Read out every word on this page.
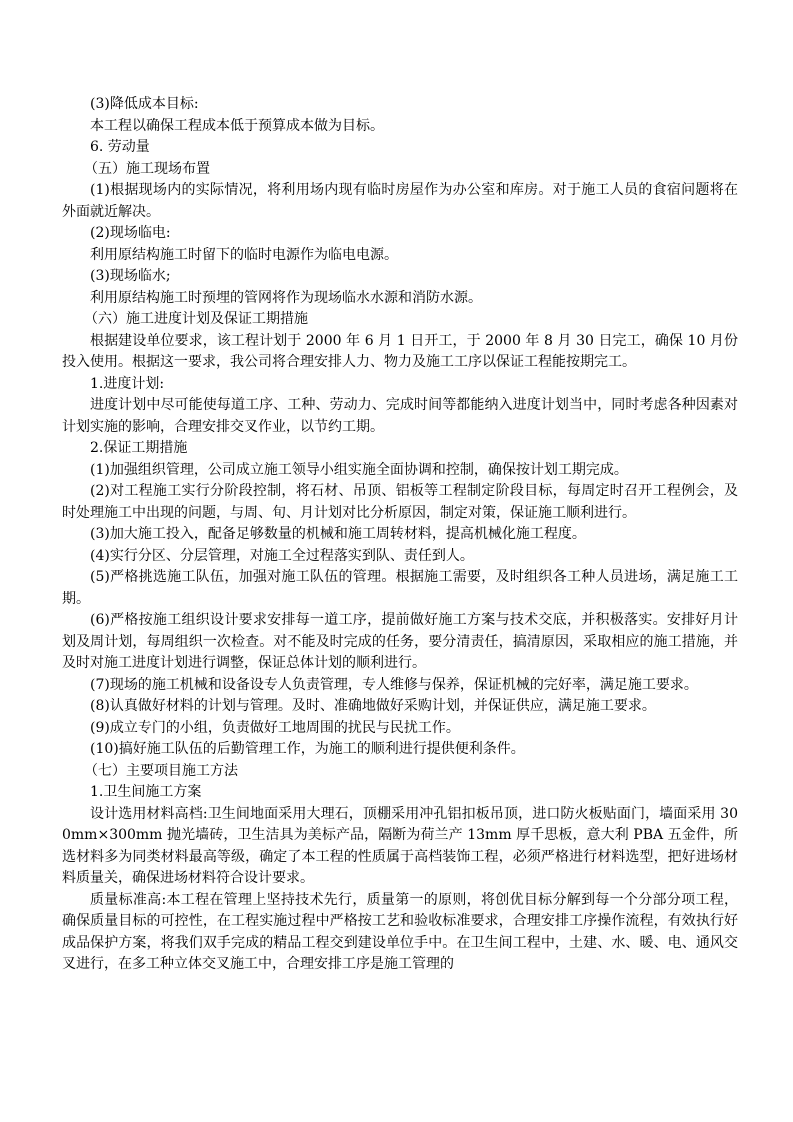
(3)降低成本目标:

本工程以确保工程成本低于预算成本做为目标。

6. 劳动量

（五）施工现场布置

(1)根据现场内的实际情况，将利用场内现有临时房屋作为办公室和库房。对于施工人员的食宿问题将在外面就近解决。

(2)现场临电:

利用原结构施工时留下的临时电源作为临电电源。

(3)现场临水;

利用原结构施工时预埋的管网将作为现场临水水源和消防水源。

（六）施工进度计划及保证工期措施

根据建设单位要求，该工程计划于 2000 年 6 月 1 日开工，于 2000 年 8 月 30 日完工，确保 10 月份投入使用。根据这一要求，我公司将合理安排人力、物力及施工工序以保证工程能按期完工。

1.进度计划:

进度计划中尽可能使每道工序、工种、劳动力、完成时间等都能纳入进度计划当中，同时考虑各种因素对计划实施的影响，合理安排交叉作业，以节约工期。

2.保证工期措施

(1)加强组织管理，公司成立施工领导小组实施全面协调和控制，确保按计划工期完成。

(2)对工程施工实行分阶段控制，将石材、吊顶、铝板等工程制定阶段目标，每周定时召开工程例会，及时处理施工中出现的问题，与周、旬、月计划对比分析原因，制定对策，保证施工顺利进行。

(3)加大施工投入，配备足够数量的机械和施工周转材料，提高机械化施工程度。

(4)实行分区、分层管理，对施工全过程落实到队、责任到人。

(5)严格挑选施工队伍，加强对施工队伍的管理。根据施工需要，及时组织各工种人员进场，满足施工工期。

(6)严格按施工组织设计要求安排每一道工序，提前做好施工方案与技术交底，并积极落实。安排好月计划及周计划，每周组织一次检查。对不能及时完成的任务，要分清责任，搞清原因，采取相应的施工措施，并及时对施工进度计划进行调整，保证总体计划的顺利进行。

(7)现场的施工机械和设备设专人负责管理，专人维修与保养，保证机械的完好率，满足施工要求。

(8)认真做好材料的计划与管理。及时、准确地做好采购计划，并保证供应，满足施工要求。

(9)成立专门的小组，负责做好工地周围的扰民与民扰工作。

(10)搞好施工队伍的后勤管理工作，为施工的顺利进行提供便利条件。

（七）主要项目施工方法

1.卫生间施工方案

设计选用材料高档:卫生间地面采用大理石，顶棚采用冲孔铝扣板吊顶，进口防火板贴面门，墙面采用 300mm×300mm 抛光墙砖，卫生洁具为美标产品，隔断为荷兰产 13mm 厚千思板，意大利 PBA 五金件，所选材料多为同类材料最高等级，确定了本工程的性质属于高档装饰工程，必须严格进行材料选型，把好进场材料质量关，确保进场材料符合设计要求。

质量标准高:本工程在管理上坚持技术先行，质量第一的原则，将创优目标分解到每一个分部分项工程，确保质量目标的可控性，在工程实施过程中严格按工艺和验收标准要求，合理安排工序操作流程，有效执行好成品保护方案，将我们双手完成的精品工程交到建设单位手中。在卫生间工程中，土建、水、暖、电、通风交叉进行，在多工种立体交叉施工中，合理安排工序是施工管理的
